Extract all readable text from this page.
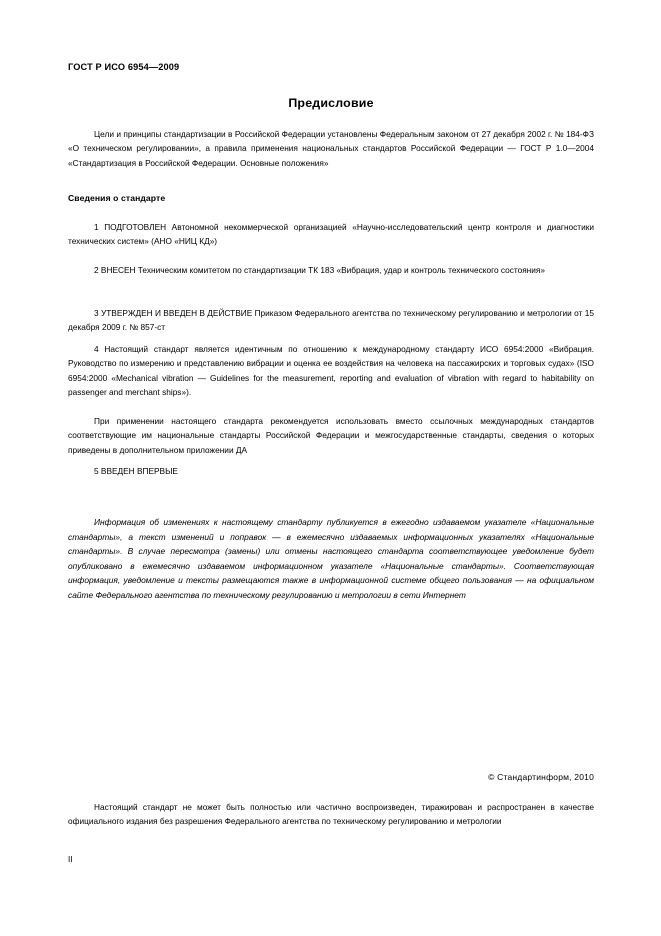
ГОСТ Р ИСО 6954—2009
Предисловие

Цели и принципы стандартизации в Российской Федерации установлены Федеральным законом от 27 декабря 2002 г. № 184-ФЗ «О техническом регулировании», а правила применения национальных стандартов Российской Федерации — ГОСТ Р 1.0—2004 «Стандартизация в Российской Федерации. Основные положения»

Сведения о стандарте

1 ПОДГОТОВЛЕН Автономной некоммерческой организацией «Научно-исследовательский центр контроля и диагностики технических систем» (АНО «НИЦ КД»)

2 ВНЕСЕН Техническим комитетом по стандартизации ТК 183 «Вибрация, удар и контроль технического состояния»

3 УТВЕРЖДЕН И ВВЕДЕН В ДЕЙСТВИЕ Приказом Федерального агентства по техническому регулированию и метрологии от 15 декабря 2009 г. № 857-ст

4 Настоящий стандарт является идентичным по отношению к международному стандарту ИСО 6954:2000 «Вибрация. Руководство по измерению и представлению вибрации и оценка ее воздействия на человека на пассажирских и торговых судах» (ISO 6954:2000 «Mechanical vibration — Guidelines for the measurement, reporting and evaluation of vibration with regard to habitability on passenger and merchant ships»).

При применении настоящего стандарта рекомендуется использовать вместо ссылочных международных стандартов соответствующие им национальные стандарты Российской Федерации и межгосударственные стандарты, сведения о которых приведены в дополнительном приложении ДА

5 ВВЕДЕН ВПЕРВЫЕ

Информация об изменениях к настоящему стандарту публикуется в ежегодно издаваемом указателе «Национальные стандарты», а текст изменений и поправок — в ежемесячно издаваемых информационных указателях «Национальные стандарты». В случае пересмотра (замены) или отмены настоящего стандарта соответствующее уведомление будет опубликовано в ежемесячно издаваемом информационном указателе «Национальные стандарты». Соответствующая информация, уведомление и тексты размещаются также в информационной системе общего пользования — на официальном сайте Федерального агентства по техническому регулированию и метрологии в сети Интернет

© Стандартинформ, 2010

Настоящий стандарт не может быть полностью или частично воспроизведен, тиражирован и распространен в качестве официального издания без разрешения Федерального агентства по техническому регулированию и метрологии

II
